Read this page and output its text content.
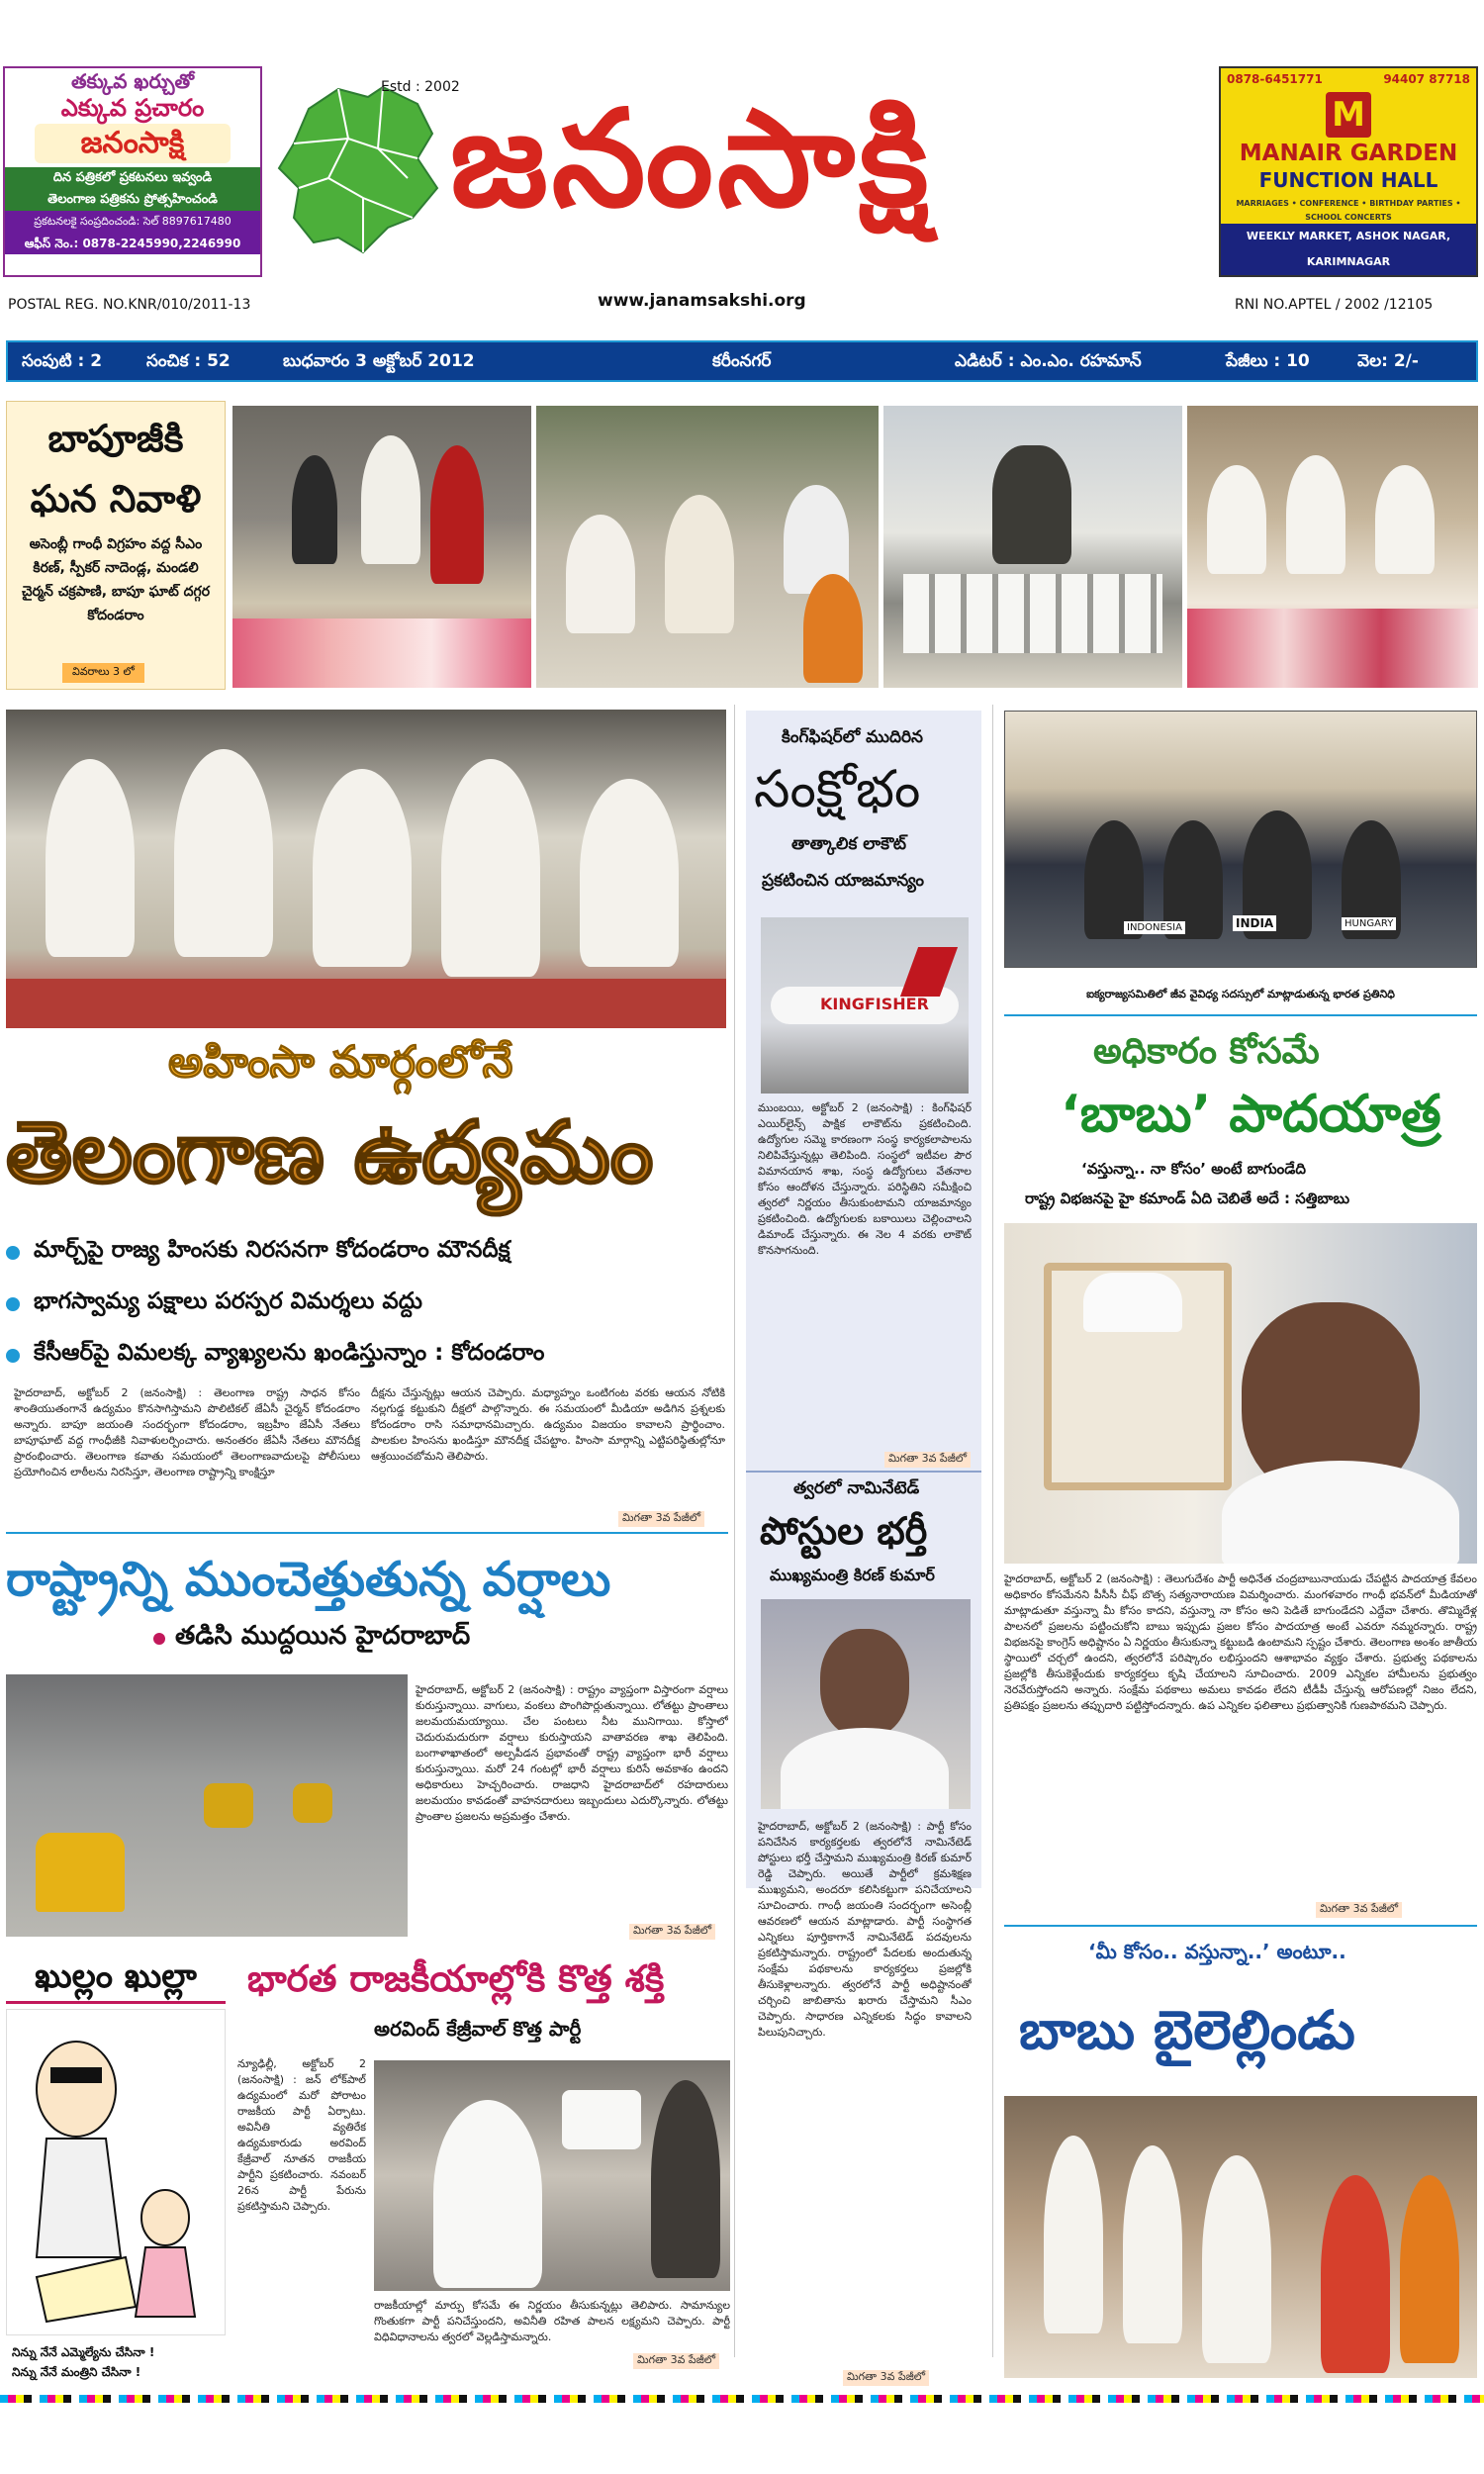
తక్కువ ఖర్చుతో
ఎక్కువ ప్రచారం
జనంసాక్షి
దిన పత్రికలో ప్రకటనలు ఇవ్వండి
తెలంగాణ పత్రికను ప్రోత్సహించండి
ప్రకటనలకై సంప్రదించండి: సెల్ 8897617480
ఆఫీస్ నెం.: 0878-2245990,2246990
Estd : 2002
జనంసాక్షి	0878-6451771	94407 87718
M
MANAIR GARDEN
FUNCTION HALL
MARRIAGES • CONFERENCE • BIRTHDAY PARTIES • SCHOOL CONCERTS
WEEKLY MARKET, ASHOK NAGAR, KARIMNAGAR
POSTAL REG. NO.KNR/010/2011-13	www.janamsakshi.org	RNI NO.APTEL / 2002 /12105
సంపుటి : 2	సంచిక : 52	బుధవారం 3 అక్టోబర్ 2012	కరీంనగర్	ఎడిటర్ : ఎం.ఎం. రహమాన్	పేజీలు : 10	వెల: 2/-
బాపూజీకి
ఘన నివాళి
అసెంబ్లీ గాంధీ విగ్రహం వద్ద సీఎం కిరణ్, స్పీకర్ నాదెండ్ల, మండలి చైర్మన్ చక్రపాణి, బాపూ ఘాట్ దగ్గర కోదండరాం
వివరాలు 3 లో
అహింసా మార్గంలోనే
తెలంగాణ ఉద్యమం
మార్చ్‌పై రాజ్య హింసకు నిరసనగా కోదండరాం మౌనదీక్ష
భాగస్వామ్య పక్షాలు పరస్పర విమర్శలు వద్దు
కేసీఆర్‌పై విమలక్క వ్యాఖ్యలను ఖండిస్తున్నాం : కోదండరాం
హైదరాబాద్, అక్టోబర్ 2 (జనంసాక్షి) : తెలంగాణ రాష్ట్ర సాధన కోసం శాంతియుతంగానే ఉద్యమం కొనసాగిస్తామని పొలిటికల్ జేఏసీ చైర్మన్ కోదండరాం అన్నారు. బాపూ జయంతి సందర్భంగా కోదండరాం, ఇబ్రహీం జేఏసీ నేతలు బాపూఘాట్ వద్ద గాంధీజీకి నివాళులర్పించారు. అనంతరం జేఏసీ నేతలు మౌనదీక్ష ప్రారంభించారు. తెలంగాణ కవాతు సమయంలో తెలంగాణవాదులపై పోలీసులు ప్రయోగించిన లాఠీలను నిరసిస్తూ, తెలంగాణ రాష్ట్రాన్ని కాంక్షిస్తూ
దీక్షను చేస్తున్నట్లు ఆయన చెప్పారు. మధ్యాహ్నం ఒంటిగంట వరకు ఆయన నోటికి నల్లగుడ్డ కట్టుకుని దీక్షలో పాల్గొన్నారు. ఈ సమయంలో మీడియా అడిగిన ప్రశ్నలకు కోదండరాం రాసి సమాధానమిచ్చారు. ఉద్యమం విజయం కావాలని ప్రార్థించాం. పాలకుల హింసను ఖండిస్తూ మౌనదీక్ష చేపట్టాం. హింసా మార్గాన్ని ఎట్టిపరిస్థితుల్లోనూ ఆశ్రయించబోమని తెలిపారు.
మిగతా 3వ పేజీలో
కింగ్‌ఫిషర్‌లో ముదిరిన
సంక్షోభం
తాత్కాలిక లాకౌట్
ప్రకటించిన యాజమాన్యం
KINGFISHER
ముంబయి, అక్టోబర్ 2 (జనంసాక్షి) : కింగ్‌ఫిషర్ ఎయిర్‌లైన్స్ పాక్షిక లాకౌట్‌ను ప్రకటించింది. ఉద్యోగుల సమ్మె కారణంగా సంస్థ కార్యకలాపాలను నిలిపివేస్తున్నట్లు తెలిపింది. సంస్థలో ఇటీవల పౌర విమానయాన శాఖ, సంస్థ ఉద్యోగులు వేతనాల కోసం ఆందోళన చేస్తున్నారు. పరిస్థితిని సమీక్షించి త్వరలో నిర్ణయం తీసుకుంటామని యాజమాన్యం ప్రకటించింది. ఉద్యోగులకు బకాయిలు చెల్లించాలని డిమాండ్ చేస్తున్నారు. ఈ నెల 4 వరకు లాకౌట్ కొనసాగనుంది.
మిగతా 3వ పేజీలో
త్వరలో నామినేటెడ్
పోస్టుల భర్తీ
ముఖ్యమంత్రి కిరణ్ కుమార్
హైదరాబాద్, అక్టోబర్ 2 (జనంసాక్షి) : పార్టీ కోసం పనిచేసిన కార్యకర్తలకు త్వరలోనే నామినేటెడ్ పోస్టులు భర్తీ చేస్తామని ముఖ్యమంత్రి కిరణ్ కుమార్ రెడ్డి చెప్పారు. అయితే పార్టీలో క్రమశిక్షణ ముఖ్యమని, అందరూ కలిసికట్టుగా పనిచేయాలని సూచించారు. గాంధీ జయంతి సందర్భంగా అసెంబ్లీ ఆవరణలో ఆయన మాట్లాడారు. పార్టీ సంస్థాగత ఎన్నికలు పూర్తికాగానే నామినేటెడ్ పదవులను ప్రకటిస్తామన్నారు. రాష్ట్రంలో పేదలకు అందుతున్న సంక్షేమ పథకాలను కార్యకర్తలు ప్రజల్లోకి తీసుకెళ్లాలన్నారు. త్వరలోనే పార్టీ అధిష్టానంతో చర్చించి జాబితాను ఖరారు చేస్తామని సీఎం చెప్పారు. సాధారణ ఎన్నికలకు సిద్ధం కావాలని పిలుపునిచ్చారు.
మిగతా 3వ పేజీలో
INDONESIA	INDIA	HUNGARY
ఐక్యరాజ్యసమితిలో జీవ వైవిధ్య సదస్సులో మాట్లాడుతున్న భారత ప్రతినిధి
అధికారం కోసమే
‘బాబు’ పాదయాత్ర
‘వస్తున్నా.. నా కోసం’ అంటే బాగుండేది
రాష్ట్ర విభజనపై హై కమాండ్ ఏది చెబితే అదే : సత్తిబాబు
హైదరాబాద్, అక్టోబర్ 2 (జనంసాక్షి) : తెలుగుదేశం పార్టీ అధినేత చంద్రబాబునాయుడు చేపట్టిన పాదయాత్ర కేవలం అధికారం కోసమేనని పీసీసీ చీఫ్ బొత్స సత్యనారాయణ విమర్శించారు. మంగళవారం గాంధీ భవన్‌లో మీడియాతో మాట్లాడుతూ వస్తున్నా మీ కోసం కాదని, వస్తున్నా నా కోసం అని పెడితే బాగుండేదని ఎద్దేవా చేశారు. తొమ్మిదేళ్ల పాలనలో ప్రజలను పట్టించుకోని బాబు ఇప్పుడు ప్రజల కోసం పాదయాత్ర అంటే ఎవరూ నమ్మరన్నారు. రాష్ట్ర విభజనపై కాంగ్రెస్ అధిష్టానం ఏ నిర్ణయం తీసుకున్నా కట్టుబడి ఉంటామని స్పష్టం చేశారు. తెలంగాణ అంశం జాతీయ స్థాయిలో చర్చలో ఉందని, త్వరలోనే పరిష్కారం లభిస్తుందని ఆశాభావం వ్యక్తం చేశారు. ప్రభుత్వ పథకాలను ప్రజల్లోకి తీసుకెళ్లేందుకు కార్యకర్తలు కృషి చేయాలని సూచించారు. 2009 ఎన్నికల హామీలను ప్రభుత్వం నెరవేరుస్తోందని అన్నారు. సంక్షేమ పథకాలు అమలు కావడం లేదని టీడీపీ చేస్తున్న ఆరోపణల్లో నిజం లేదని, ప్రతిపక్షం ప్రజలను తప్పుదారి పట్టిస్తోందన్నారు. ఉప ఎన్నికల ఫలితాలు ప్రభుత్వానికి గుణపాఠమని చెప్పారు.
మిగతా 3వ పేజీలో
రాష్ట్రాన్ని ముంచెత్తుతున్న వర్షాలు
తడిసి ముద్దయిన హైదరాబాద్
హైదరాబాద్, అక్టోబర్ 2 (జనంసాక్షి) : రాష్ట్రం వ్యాప్తంగా విస్తారంగా వర్షాలు కురుస్తున్నాయి. వాగులు, వంకలు పొంగిపొర్లుతున్నాయి. లోతట్టు ప్రాంతాలు జలమయమయ్యాయి. చేల పంటలు నీట మునిగాయి. కోస్తాలో చెదురుమదురుగా వర్షాలు కురుస్తాయని వాతావరణ శాఖ తెలిపింది. బంగాళాఖాతంలో అల్పపీడన ప్రభావంతో రాష్ట్ర వ్యాప్తంగా భారీ వర్షాలు కురుస్తున్నాయి. మరో 24 గంటల్లో భారీ వర్షాలు కురిసే అవకాశం ఉందని అధికారులు హెచ్చరించారు. రాజధాని హైదరాబాద్‌లో రహదారులు జలమయం కావడంతో వాహనదారులు ఇబ్బందులు ఎదుర్కొన్నారు. లోతట్టు ప్రాంతాల ప్రజలను అప్రమత్తం చేశారు.
మిగతా 3వ పేజీలో
ఖుల్లం ఖుల్లా
నిన్ను నేనే ఎమ్మెల్యేను చేసినా !
నిన్ను నేనే మంత్రిని చేసినా !
భారత రాజకీయాల్లోకి కొత్త శక్తి
అరవింద్ కేజ్రీవాల్ కొత్త పార్టీ
న్యూఢిల్లీ, అక్టోబర్ 2 (జనంసాక్షి) : జన్ లోక్‌పాల్ ఉద్యమంలో మరో పోరాటం రాజకీయ పార్టీ ఏర్పాటు. అవినీతి వ్యతిరేక ఉద్యమకారుడు అరవింద్ కేజ్రీవాల్ నూతన రాజకీయ పార్టీని ప్రకటించారు. నవంబర్ 26న పార్టీ పేరును ప్రకటిస్తామని చెప్పారు.
రాజకీయాల్లో మార్పు కోసమే ఈ నిర్ణయం తీసుకున్నట్లు తెలిపారు. సామాన్యుల గొంతుకగా పార్టీ పనిచేస్తుందని, అవినీతి రహిత పాలన లక్ష్యమని చెప్పారు. పార్టీ విధివిధానాలను త్వరలో వెల్లడిస్తామన్నారు.
మిగతా 3వ పేజీలో
‘మీ కోసం.. వస్తున్నా..’ అంటూ..
బాబు బైలెల్లిండు
